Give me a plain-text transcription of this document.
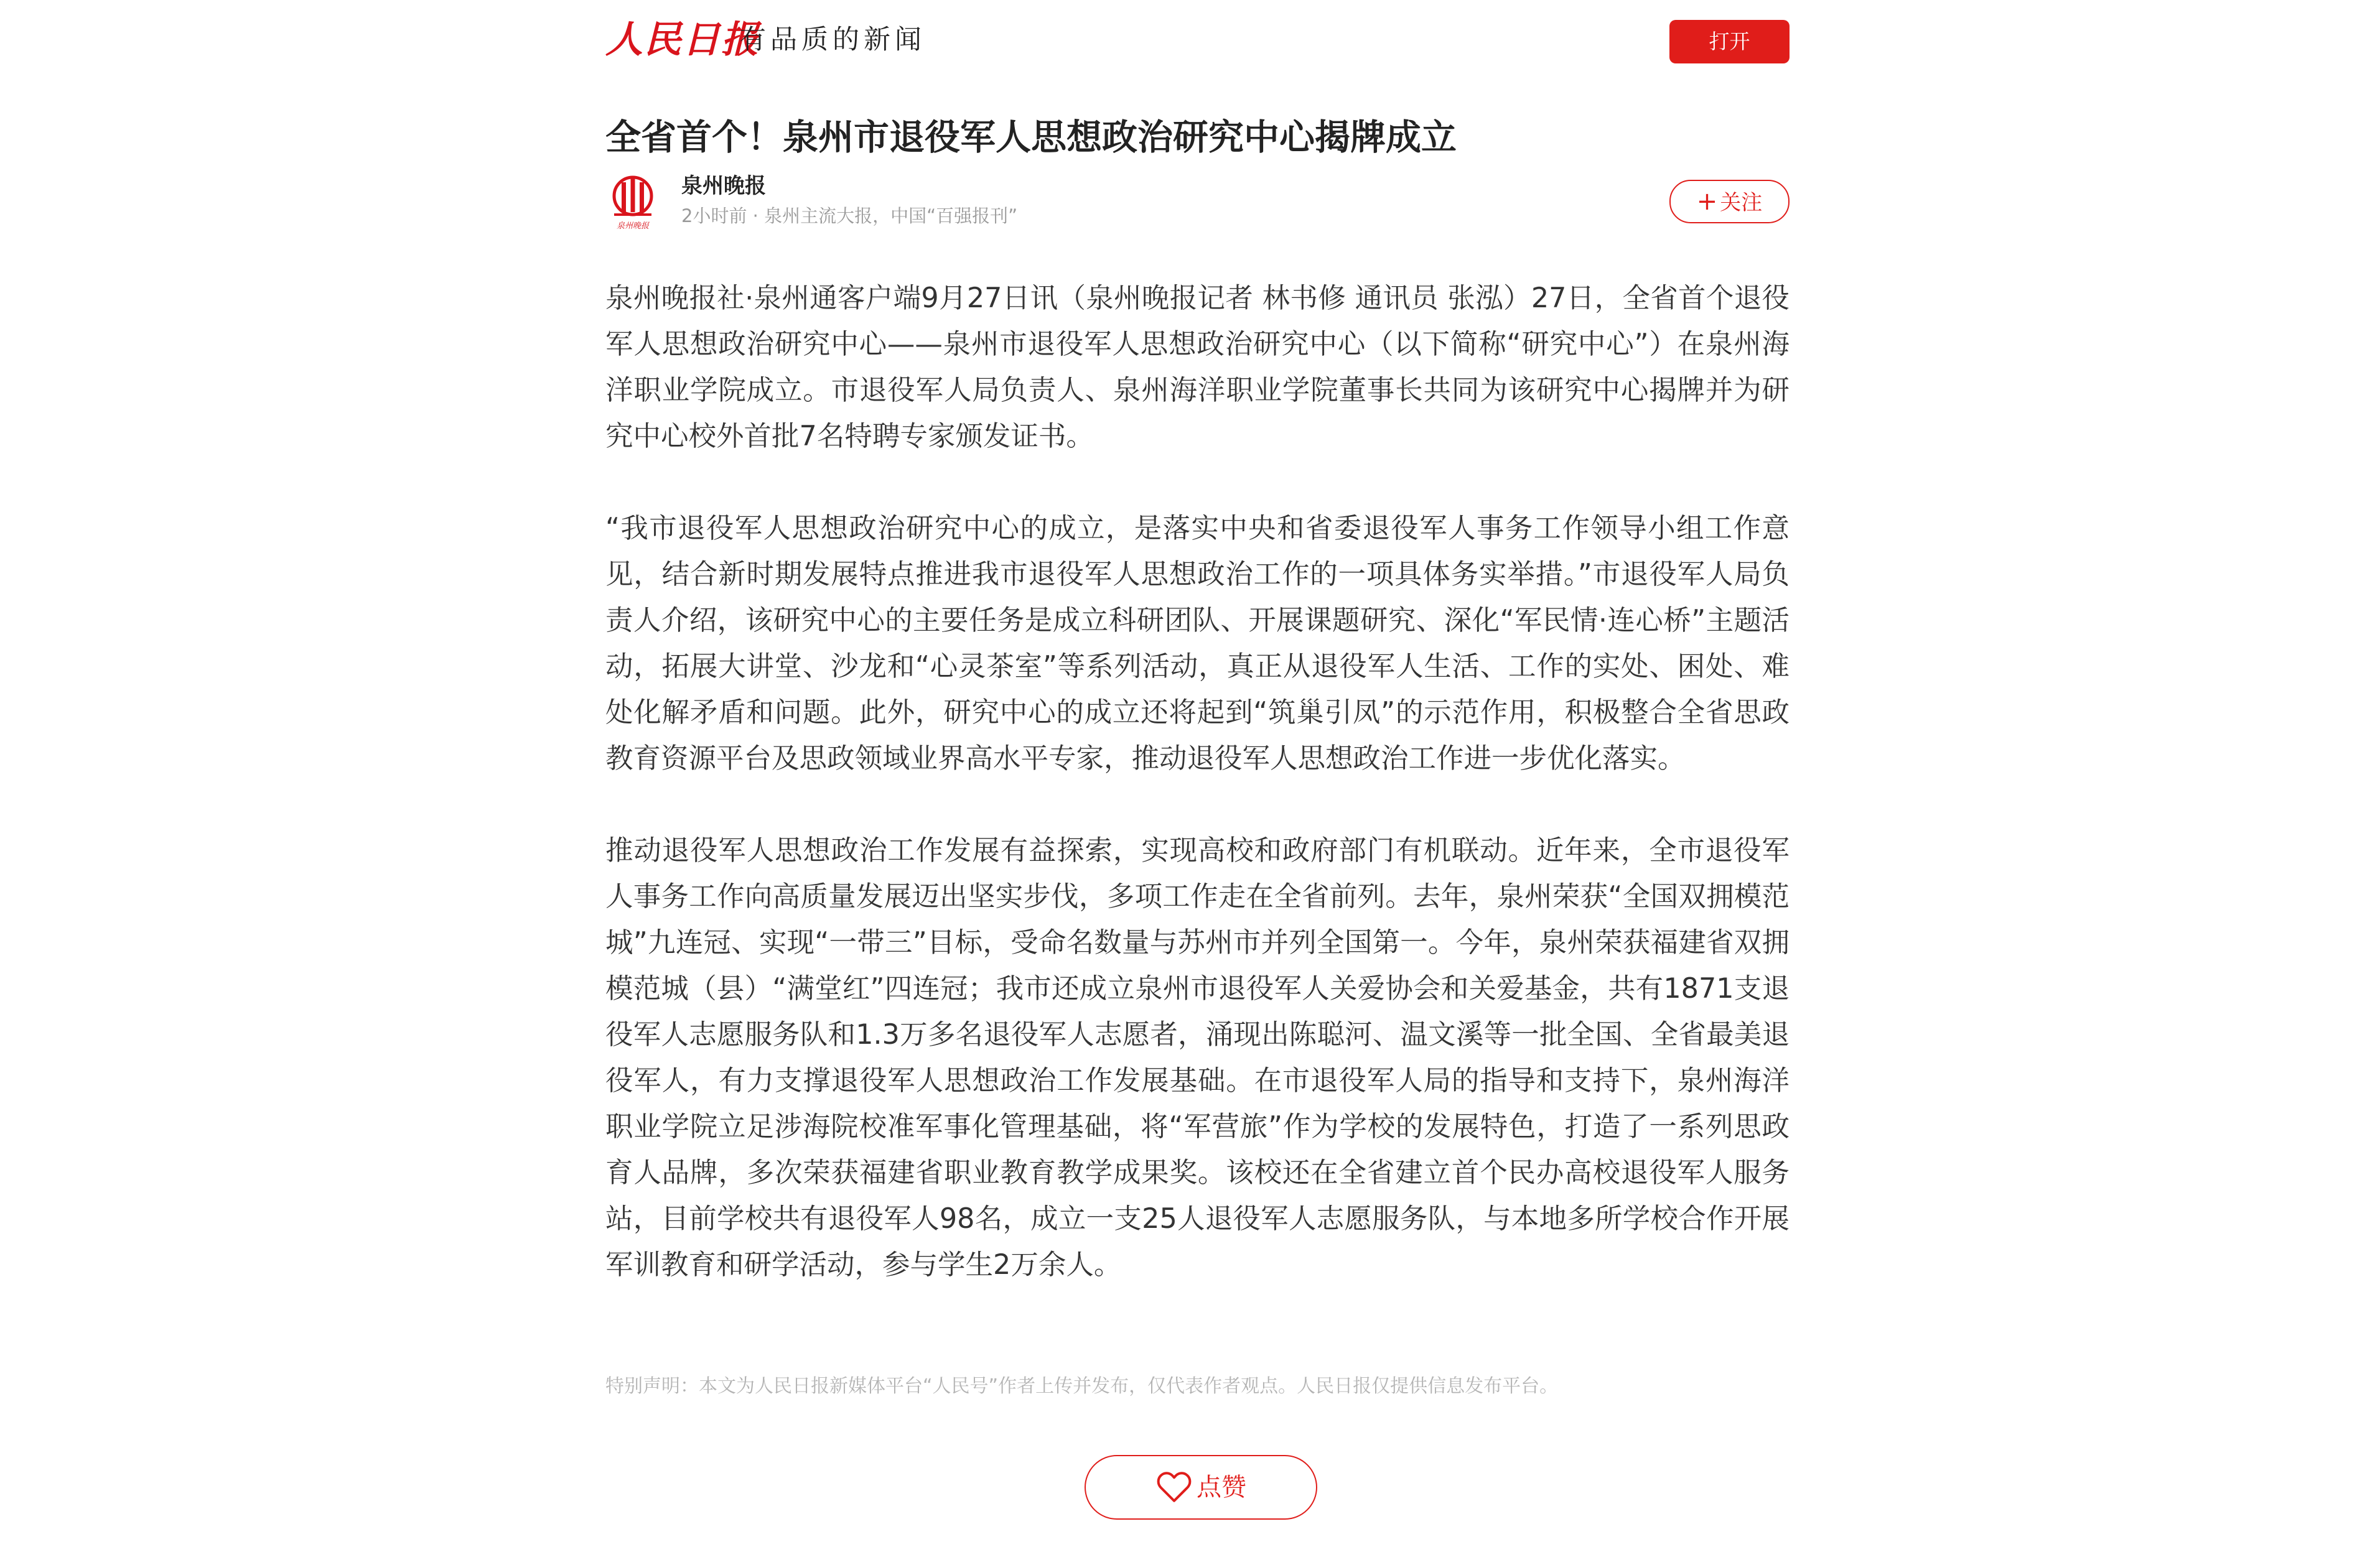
人民日报
有品质的新闻	打开
全省首个！泉州市退役军人思想政治研究中心揭牌成立
泉州晚报
泉州晚报
2小时前 · 泉州主流大报，中国“百强报刊”	+ 关注

泉州晚报社·泉州通客户端9月27日讯（泉州晚报记者 林书修 通讯员 张泓）27日，全省首个退役军人思想政治研究中心——泉州市退役军人思想政治研究中心（以下简称“研究中心”）在泉州海洋职业学院成立。市退役军人局负责人、泉州海洋职业学院董事长共同为该研究中心揭牌并为研究中心校外首批7名特聘专家颁发证书。

“我市退役军人思想政治研究中心的成立，是落实中央和省委退役军人事务工作领导小组工作意见，结合新时期发展特点推进我市退役军人思想政治工作的一项具体务实举措。”市退役军人局负责人介绍，该研究中心的主要任务是成立科研团队、开展课题研究、深化“军民情·连心桥”主题活动，拓展大讲堂、沙龙和“心灵茶室”等系列活动，真正从退役军人生活、工作的实处、困处、难处化解矛盾和问题。此外，研究中心的成立还将起到“筑巢引凤”的示范作用，积极整合全省思政教育资源平台及思政领域业界高水平专家，推动退役军人思想政治工作进一步优化落实。

推动退役军人思想政治工作发展有益探索，实现高校和政府部门有机联动。近年来，全市退役军人事务工作向高质量发展迈出坚实步伐，多项工作走在全省前列。去年，泉州荣获“全国双拥模范城”九连冠、实现“一带三”目标，受命名数量与苏州市并列全国第一。今年，泉州荣获福建省双拥模范城（县）“满堂红”四连冠；我市还成立泉州市退役军人关爱协会和关爱基金，共有1871支退役军人志愿服务队和1.3万多名退役军人志愿者，涌现出陈聪河、温文溪等一批全国、全省最美退役军人，有力支撑退役军人思想政治工作发展基础。在市退役军人局的指导和支持下，泉州海洋职业学院立足涉海院校准军事化管理基础，将“军营旅”作为学校的发展特色，打造了一系列思政育人品牌，多次荣获福建省职业教育教学成果奖。该校还在全省建立首个民办高校退役军人服务站，目前学校共有退役军人98名，成立一支25人退役军人志愿服务队，与本地多所学校合作开展军训教育和研学活动，参与学生2万余人。

特别声明：本文为人民日报新媒体平台“人民号”作者上传并发布，仅代表作者观点。人民日报仅提供信息发布平台。
点赞
